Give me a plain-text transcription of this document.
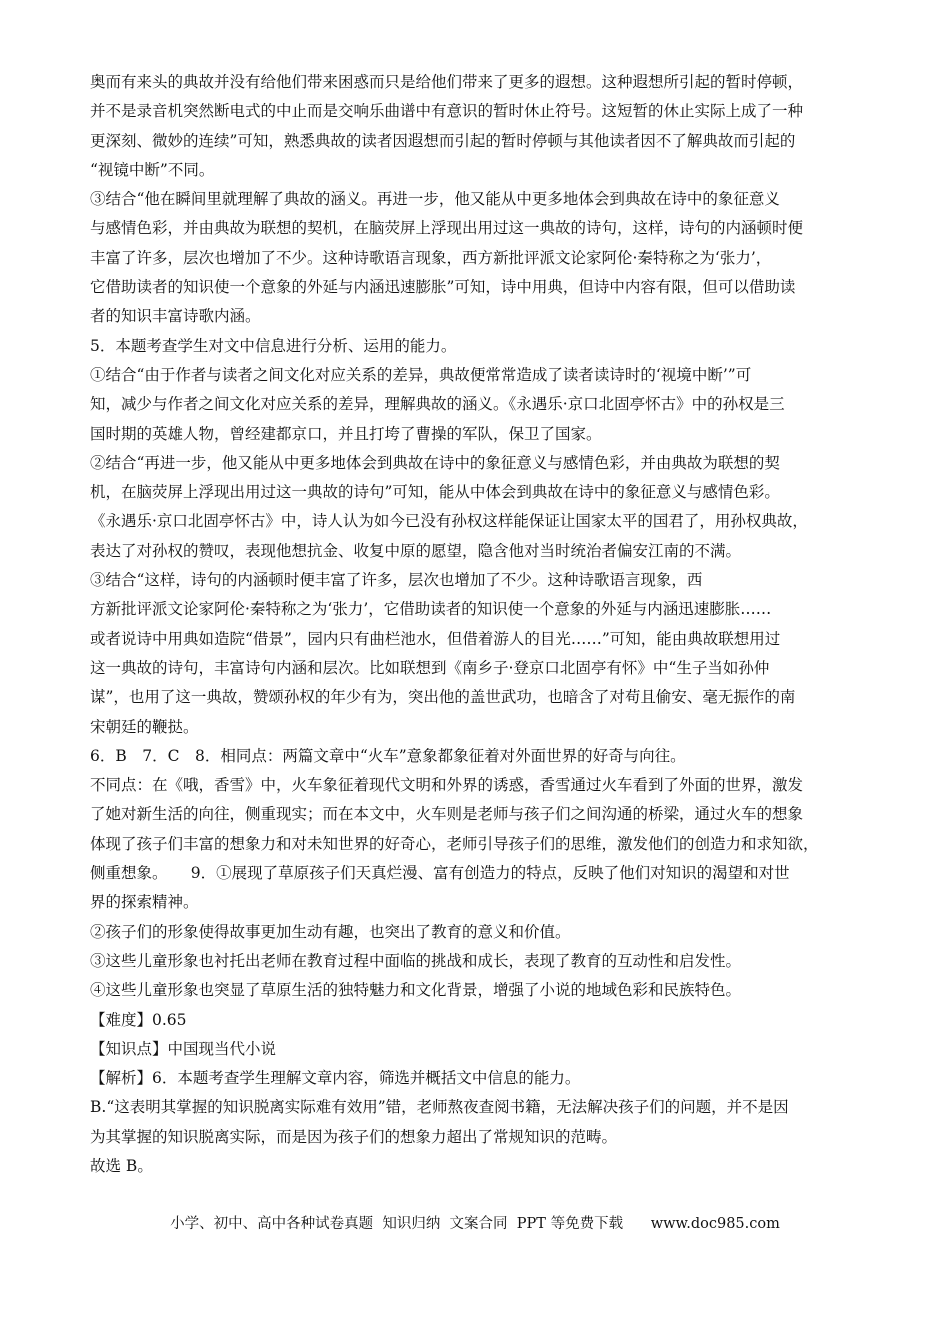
奥而有来头的典故并没有给他们带来困惑而只是给他们带来了更多的遐想。这种遐想所引起的暂时停顿，
并不是录音机突然断电式的中止而是交响乐曲谱中有意识的暂时休止符号。这短暂的休止实际上成了一种
更深刻、微妙的连续”可知，熟悉典故的读者因遐想而引起的暂时停顿与其他读者因不了解典故而引起的
“视镜中断”不同。
③结合“他在瞬间里就理解了典故的涵义。再进一步，他又能从中更多地体会到典故在诗中的象征意义
与感情色彩，并由典故为联想的契机，在脑荧屏上浮现出用过这一典故的诗句，这样，诗句的内涵顿时便
丰富了许多，层次也增加了不少。这种诗歌语言现象，西方新批评派文论家阿伦·秦特称之为‘张力’，
它借助读者的知识使一个意象的外延与内涵迅速膨胀”可知，诗中用典，但诗中内容有限，但可以借助读
者的知识丰富诗歌内涵。
5．本题考查学生对文中信息进行分析、运用的能力。
①结合“由于作者与读者之间文化对应关系的差异，典故便常常造成了读者读诗时的‘视境中断’”可
知，减少与作者之间文化对应关系的差异，理解典故的涵义。《永遇乐·京口北固亭怀古》中的孙权是三
国时期的英雄人物，曾经建都京口，并且打垮了曹操的军队，保卫了国家。
②结合“再进一步，他又能从中更多地体会到典故在诗中的象征意义与感情色彩，并由典故为联想的契
机，在脑荧屏上浮现出用过这一典故的诗句”可知，能从中体会到典故在诗中的象征意义与感情色彩。
《永遇乐·京口北固亭怀古》中，诗人认为如今已没有孙权这样能保证让国家太平的国君了，用孙权典故，
表达了对孙权的赞叹，表现他想抗金、收复中原的愿望，隐含他对当时统治者偏安江南的不满。
③结合“这样，诗句的内涵顿时便丰富了许多，层次也增加了不少。这种诗歌语言现象，西
方新批评派文论家阿伦·秦特称之为‘张力’，它借助读者的知识使一个意象的外延与内涵迅速膨胀……
或者说诗中用典如造院“借景”，园内只有曲栏池水，但借着游人的目光……”可知，能由典故联想用过
这一典故的诗句，丰富诗句内涵和层次。比如联想到《南乡子·登京口北固亭有怀》中“生子当如孙仲
谋”，也用了这一典故，赞颂孙权的年少有为，突出他的盖世武功，也暗含了对苟且偷安、毫无振作的南
宋朝廷的鞭挞。
6．B　7．C　8．相同点：两篇文章中“火车”意象都象征着对外面世界的好奇与向往。
不同点：在《哦，香雪》中，火车象征着现代文明和外界的诱惑，香雪通过火车看到了外面的世界，激发
了她对新生活的向往，侧重现实；而在本文中，火车则是老师与孩子们之间沟通的桥梁，通过火车的想象
体现了孩子们丰富的想象力和对未知世界的好奇心，老师引导孩子们的思维，激发他们的创造力和求知欲，
侧重想象。　　9．①展现了草原孩子们天真烂漫、富有创造力的特点，反映了他们对知识的渴望和对世
界的探索精神。
②孩子们的形象使得故事更加生动有趣，也突出了教育的意义和价值。
③这些儿童形象也衬托出老师在教育过程中面临的挑战和成长，表现了教育的互动性和启发性。
④这些儿童形象也突显了草原生活的独特魅力和文化背景，增强了小说的地域色彩和民族特色。
【难度】0.65
【知识点】中国现当代小说
【解析】6．本题考查学生理解文章内容，筛选并概括文中信息的能力。
B.“这表明其掌握的知识脱离实际难有效用”错，老师熬夜查阅书籍，无法解决孩子们的问题，并不是因
为其掌握的知识脱离实际，而是因为孩子们的想象力超出了常规知识的范畴。
故选 B。
小学、初中、高中各种试卷真题  知识归纳  文案合同  PPT 等免费下载      www.doc985.com
